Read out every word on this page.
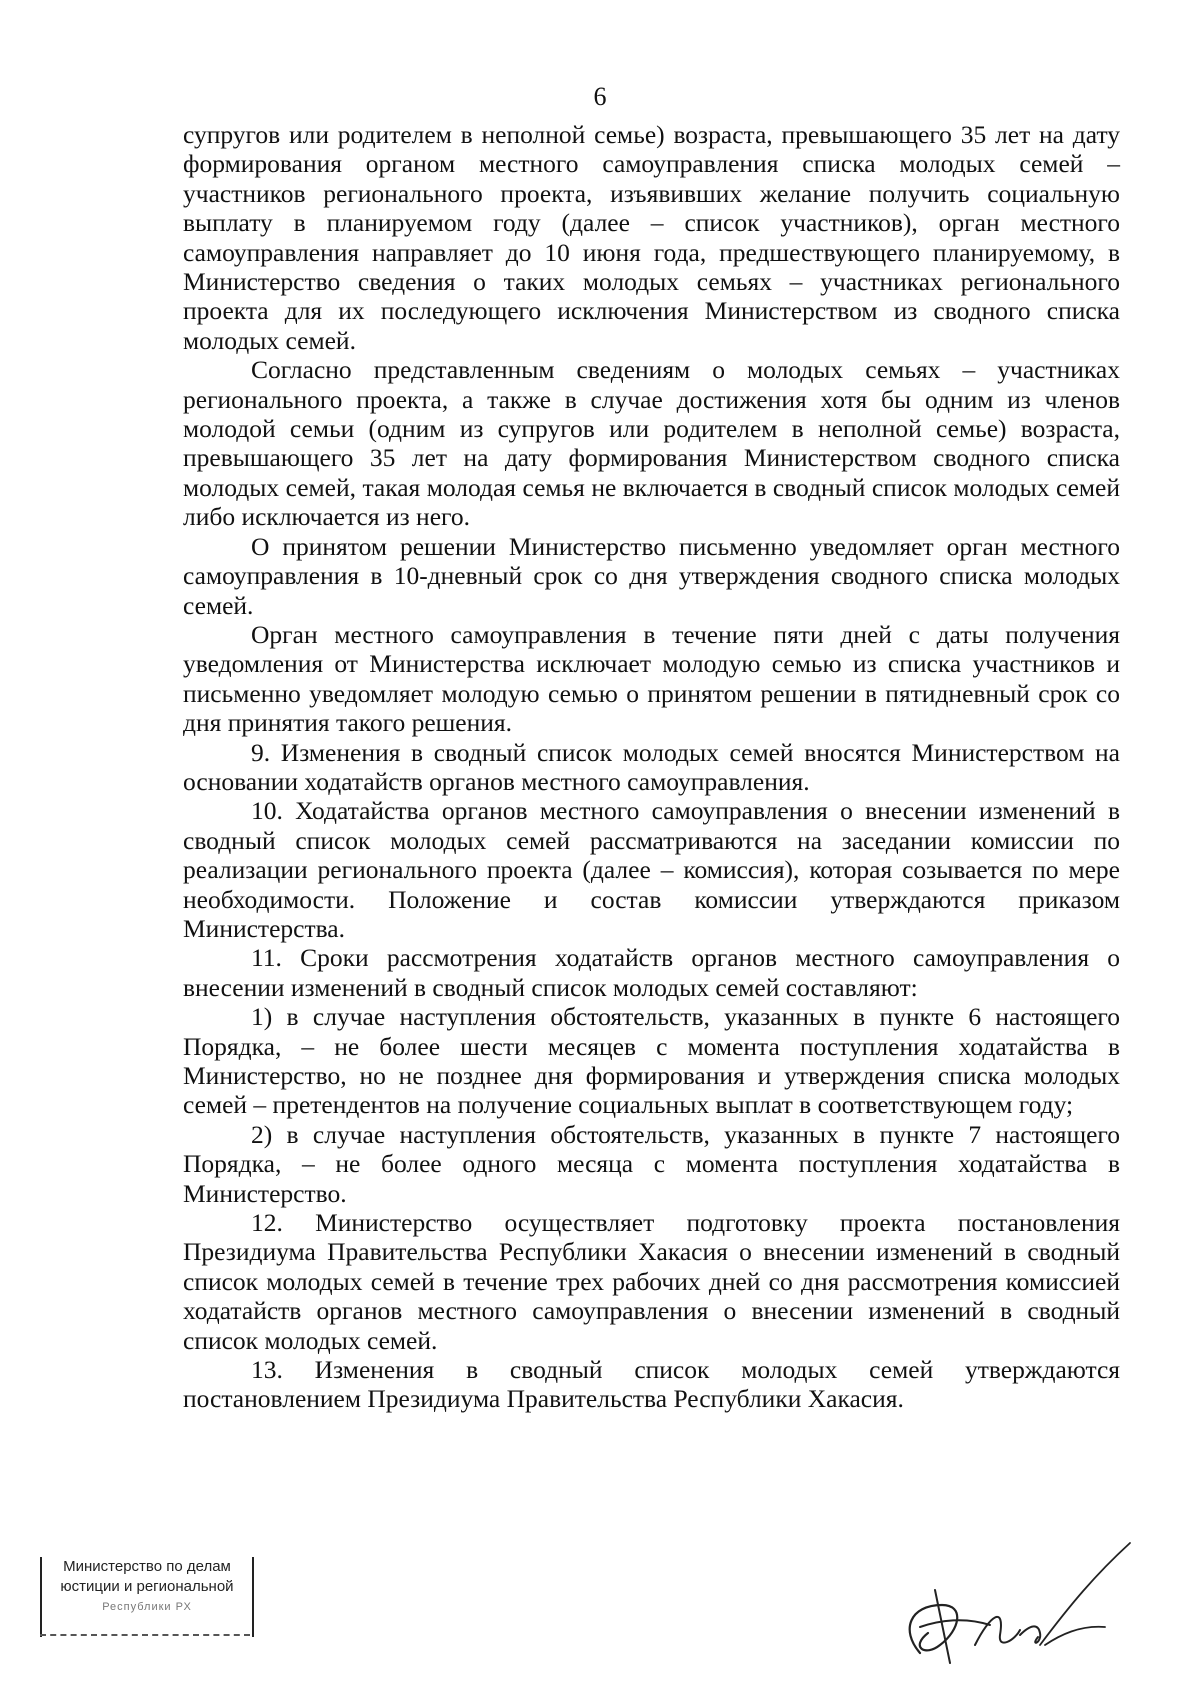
6

супругов или родителем в неполной семье) возраста, превышающего 35 лет на дату формирования органом местного самоуправления списка молодых семей – участников регионального проекта, изъявивших желание получить социальную выплату в планируемом году (далее – список участников), орган местного самоуправления направляет до 10 июня года, предшествующего планируемому, в Министерство сведения о таких молодых семьях – участниках регионального проекта для их последующего исключения Министерством из сводного списка молодых семей.

Согласно представленным сведениям о молодых семьях – участниках регионального проекта, а также в случае достижения хотя бы одним из членов молодой семьи (одним из супругов или родителем в неполной семье) возраста, превышающего 35 лет на дату формирования Министерством сводного списка молодых семей, такая молодая семья не включается в сводный список молодых семей либо исключается из него.

О принятом решении Министерство письменно уведомляет орган местного самоуправления в 10-дневный срок со дня утверждения сводного списка молодых семей.

Орган местного самоуправления в течение пяти дней с даты получения уведомления от Министерства исключает молодую семью из списка участников и письменно уведомляет молодую семью о принятом решении в пятидневный срок со дня принятия такого решения.

9. Изменения в сводный список молодых семей вносятся Министерством на основании ходатайств органов местного самоуправления.

10. Ходатайства органов местного самоуправления о внесении изменений в сводный список молодых семей рассматриваются на заседании комиссии по реализации регионального проекта (далее – комиссия), которая созывается по мере необходимости. Положение и состав комиссии утверждаются приказом Министерства.

11. Сроки рассмотрения ходатайств органов местного самоуправления о внесении изменений в сводный список молодых семей составляют:

1) в случае наступления обстоятельств, указанных в пункте 6 настоящего Порядка, – не более шести месяцев с момента поступления ходатайства в Министерство, но не позднее дня формирования и утверждения списка молодых семей – претендентов на получение социальных выплат в соответствующем году;

2) в случае наступления обстоятельств, указанных в пункте 7 настоящего Порядка, – не более одного месяца с момента поступления ходатайства в Министерство.

12. Министерство осуществляет подготовку проекта постановления Президиума Правительства Республики Хакасия о внесении изменений в сводный список молодых семей в течение трех рабочих дней со дня рассмотрения комиссией ходатайств органов местного самоуправления о внесении изменений в сводный список молодых семей.

13. Изменения в сводный список молодых семей утверждаются постановлением Президиума Правительства Республики Хакасия.

Министерство по делам
юстиции и региональной
Республики РХ
